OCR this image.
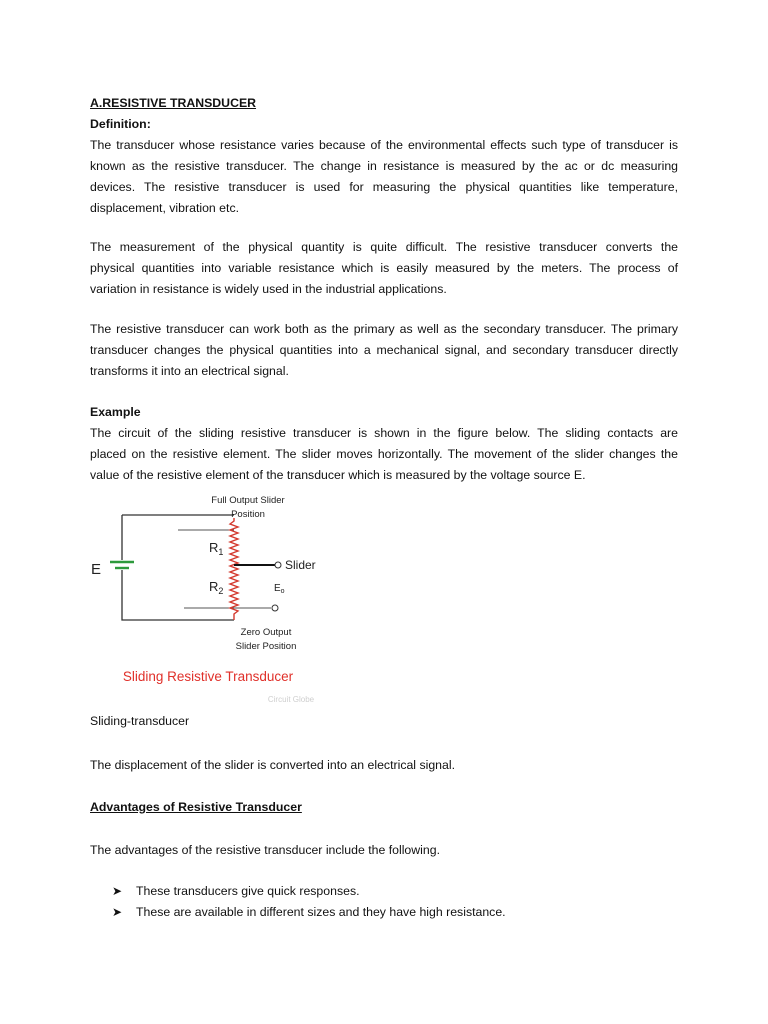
A.RESISTIVE TRANSDUCER
Definition:
The transducer whose resistance varies because of the environmental effects such type of transducer is
known as the resistive transducer. The change in resistance is measured by the ac or dc measuring
devices. The resistive transducer is used for measuring the physical quantities like temperature,
displacement, vibration etc.
The measurement of the physical quantity is quite difficult. The resistive transducer converts the
physical quantities into variable resistance which is easily measured by the meters. The process of
variation in resistance is widely used in the industrial applications.
The resistive transducer can work both as the primary as well as the secondary transducer. The primary
transducer changes the physical quantities into a mechanical signal, and secondary transducer directly
transforms it into an electrical signal.
Example
The circuit of the sliding resistive transducer is shown in the figure below. The sliding contacts are
placed on the resistive element. The slider moves horizontally. The movement of the slider changes the
value of the resistive element of the transducer which is measured by the voltage source E.
Full Output Slider
Position
$R_1$
$R_2$
E	Slider
$E_o$
Zero Output
Slider Position
Sliding Resistive Transducer
Circuit Globe
Sliding-transducer
The displacement of the slider is converted into an electrical signal.
Advantages of Resistive Transducer
The advantages of the resistive transducer include the following.
➤ These transducers give quick responses.
➤ These are available in different sizes and they have high resistance.
